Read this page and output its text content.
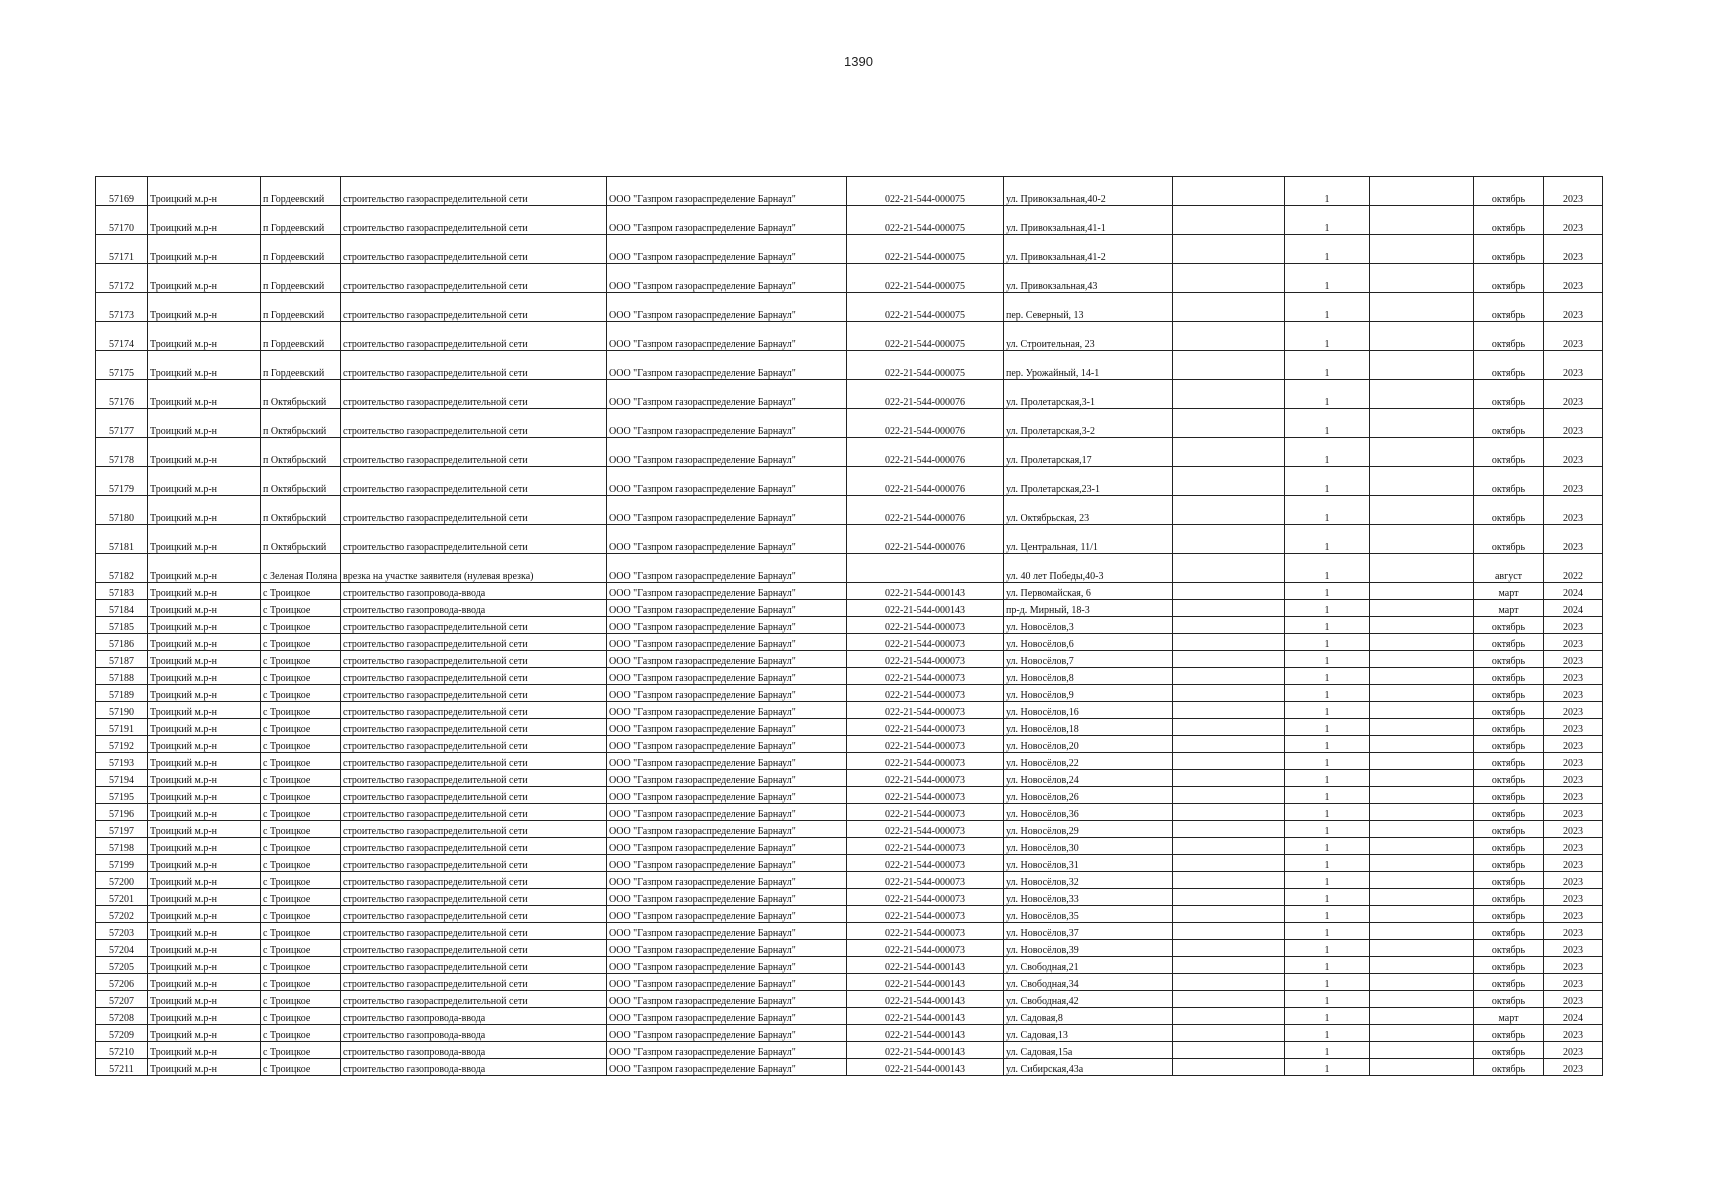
1390
57169	Троицкий м.р-н	п Гордеевский	строительство газораспределительной сети	ООО "Газпром газораспределение Барнаул"	022-21-544-000075	ул. Привокзальная,40-2		1		октябрь	2023
57170	Троицкий м.р-н	п Гордеевский	строительство газораспределительной сети	ООО "Газпром газораспределение Барнаул"	022-21-544-000075	ул. Привокзальная,41-1		1		октябрь	2023
57171	Троицкий м.р-н	п Гордеевский	строительство газораспределительной сети	ООО "Газпром газораспределение Барнаул"	022-21-544-000075	ул. Привокзальная,41-2		1		октябрь	2023
57172	Троицкий м.р-н	п Гордеевский	строительство газораспределительной сети	ООО "Газпром газораспределение Барнаул"	022-21-544-000075	ул. Привокзальная,43		1		октябрь	2023
57173	Троицкий м.р-н	п Гордеевский	строительство газораспределительной сети	ООО "Газпром газораспределение Барнаул"	022-21-544-000075	пер. Северный, 13		1		октябрь	2023
57174	Троицкий м.р-н	п Гордеевский	строительство газораспределительной сети	ООО "Газпром газораспределение Барнаул"	022-21-544-000075	ул. Строительная, 23		1		октябрь	2023
57175	Троицкий м.р-н	п Гордеевский	строительство газораспределительной сети	ООО "Газпром газораспределение Барнаул"	022-21-544-000075	пер. Урожайный, 14-1		1		октябрь	2023
57176	Троицкий м.р-н	п Октябрьский	строительство газораспределительной сети	ООО "Газпром газораспределение Барнаул"	022-21-544-000076	ул. Пролетарская,3-1		1		октябрь	2023
57177	Троицкий м.р-н	п Октябрьский	строительство газораспределительной сети	ООО "Газпром газораспределение Барнаул"	022-21-544-000076	ул. Пролетарская,3-2		1		октябрь	2023
57178	Троицкий м.р-н	п Октябрьский	строительство газораспределительной сети	ООО "Газпром газораспределение Барнаул"	022-21-544-000076	ул. Пролетарская,17		1		октябрь	2023
57179	Троицкий м.р-н	п Октябрьский	строительство газораспределительной сети	ООО "Газпром газораспределение Барнаул"	022-21-544-000076	ул. Пролетарская,23-1		1		октябрь	2023
57180	Троицкий м.р-н	п Октябрьский	строительство газораспределительной сети	ООО "Газпром газораспределение Барнаул"	022-21-544-000076	ул. Октябрьская, 23		1		октябрь	2023
57181	Троицкий м.р-н	п Октябрьский	строительство газораспределительной сети	ООО "Газпром газораспределение Барнаул"	022-21-544-000076	ул. Центральная, 11/1		1		октябрь	2023
57182	Троицкий м.р-н	с Зеленая Поляна	врезка на участке заявителя (нулевая врезка)	ООО "Газпром газораспределение Барнаул"		ул. 40 лет Победы,40-3		1		август	2022
57183	Троицкий м.р-н	с Троицкое	строительство газопровода-ввода	ООО "Газпром газораспределение Барнаул"	022-21-544-000143	ул. Первомайская, 6		1		март	2024
57184	Троицкий м.р-н	с Троицкое	строительство газопровода-ввода	ООО "Газпром газораспределение Барнаул"	022-21-544-000143	пр-д. Мирный, 18-3		1		март	2024
57185	Троицкий м.р-н	с Троицкое	строительство газораспределительной сети	ООО "Газпром газораспределение Барнаул"	022-21-544-000073	ул. Новосёлов,3		1		октябрь	2023
57186	Троицкий м.р-н	с Троицкое	строительство газораспределительной сети	ООО "Газпром газораспределение Барнаул"	022-21-544-000073	ул. Новосёлов,6		1		октябрь	2023
57187	Троицкий м.р-н	с Троицкое	строительство газораспределительной сети	ООО "Газпром газораспределение Барнаул"	022-21-544-000073	ул. Новосёлов,7		1		октябрь	2023
57188	Троицкий м.р-н	с Троицкое	строительство газораспределительной сети	ООО "Газпром газораспределение Барнаул"	022-21-544-000073	ул. Новосёлов,8		1		октябрь	2023
57189	Троицкий м.р-н	с Троицкое	строительство газораспределительной сети	ООО "Газпром газораспределение Барнаул"	022-21-544-000073	ул. Новосёлов,9		1		октябрь	2023
57190	Троицкий м.р-н	с Троицкое	строительство газораспределительной сети	ООО "Газпром газораспределение Барнаул"	022-21-544-000073	ул. Новосёлов,16		1		октябрь	2023
57191	Троицкий м.р-н	с Троицкое	строительство газораспределительной сети	ООО "Газпром газораспределение Барнаул"	022-21-544-000073	ул. Новосёлов,18		1		октябрь	2023
57192	Троицкий м.р-н	с Троицкое	строительство газораспределительной сети	ООО "Газпром газораспределение Барнаул"	022-21-544-000073	ул. Новосёлов,20		1		октябрь	2023
57193	Троицкий м.р-н	с Троицкое	строительство газораспределительной сети	ООО "Газпром газораспределение Барнаул"	022-21-544-000073	ул. Новосёлов,22		1		октябрь	2023
57194	Троицкий м.р-н	с Троицкое	строительство газораспределительной сети	ООО "Газпром газораспределение Барнаул"	022-21-544-000073	ул. Новосёлов,24		1		октябрь	2023
57195	Троицкий м.р-н	с Троицкое	строительство газораспределительной сети	ООО "Газпром газораспределение Барнаул"	022-21-544-000073	ул. Новосёлов,26		1		октябрь	2023
57196	Троицкий м.р-н	с Троицкое	строительство газораспределительной сети	ООО "Газпром газораспределение Барнаул"	022-21-544-000073	ул. Новосёлов,36		1		октябрь	2023
57197	Троицкий м.р-н	с Троицкое	строительство газораспределительной сети	ООО "Газпром газораспределение Барнаул"	022-21-544-000073	ул. Новосёлов,29		1		октябрь	2023
57198	Троицкий м.р-н	с Троицкое	строительство газораспределительной сети	ООО "Газпром газораспределение Барнаул"	022-21-544-000073	ул. Новосёлов,30		1		октябрь	2023
57199	Троицкий м.р-н	с Троицкое	строительство газораспределительной сети	ООО "Газпром газораспределение Барнаул"	022-21-544-000073	ул. Новосёлов,31		1		октябрь	2023
57200	Троицкий м.р-н	с Троицкое	строительство газораспределительной сети	ООО "Газпром газораспределение Барнаул"	022-21-544-000073	ул. Новосёлов,32		1		октябрь	2023
57201	Троицкий м.р-н	с Троицкое	строительство газораспределительной сети	ООО "Газпром газораспределение Барнаул"	022-21-544-000073	ул. Новосёлов,33		1		октябрь	2023
57202	Троицкий м.р-н	с Троицкое	строительство газораспределительной сети	ООО "Газпром газораспределение Барнаул"	022-21-544-000073	ул. Новосёлов,35		1		октябрь	2023
57203	Троицкий м.р-н	с Троицкое	строительство газораспределительной сети	ООО "Газпром газораспределение Барнаул"	022-21-544-000073	ул. Новосёлов,37		1		октябрь	2023
57204	Троицкий м.р-н	с Троицкое	строительство газораспределительной сети	ООО "Газпром газораспределение Барнаул"	022-21-544-000073	ул. Новосёлов,39		1		октябрь	2023
57205	Троицкий м.р-н	с Троицкое	строительство газораспределительной сети	ООО "Газпром газораспределение Барнаул"	022-21-544-000143	ул. Свободная,21		1		октябрь	2023
57206	Троицкий м.р-н	с Троицкое	строительство газораспределительной сети	ООО "Газпром газораспределение Барнаул"	022-21-544-000143	ул. Свободная,34		1		октябрь	2023
57207	Троицкий м.р-н	с Троицкое	строительство газораспределительной сети	ООО "Газпром газораспределение Барнаул"	022-21-544-000143	ул. Свободная,42		1		октябрь	2023
57208	Троицкий м.р-н	с Троицкое	строительство газопровода-ввода	ООО "Газпром газораспределение Барнаул"	022-21-544-000143	ул. Садовая,8		1		март	2024
57209	Троицкий м.р-н	с Троицкое	строительство газопровода-ввода	ООО "Газпром газораспределение Барнаул"	022-21-544-000143	ул. Садовая,13		1		октябрь	2023
57210	Троицкий м.р-н	с Троицкое	строительство газопровода-ввода	ООО "Газпром газораспределение Барнаул"	022-21-544-000143	ул. Садовая,15а		1		октябрь	2023
57211	Троицкий м.р-н	с Троицкое	строительство газопровода-ввода	ООО "Газпром газораспределение Барнаул"	022-21-544-000143	ул. Сибирская,43а		1		октябрь	2023
